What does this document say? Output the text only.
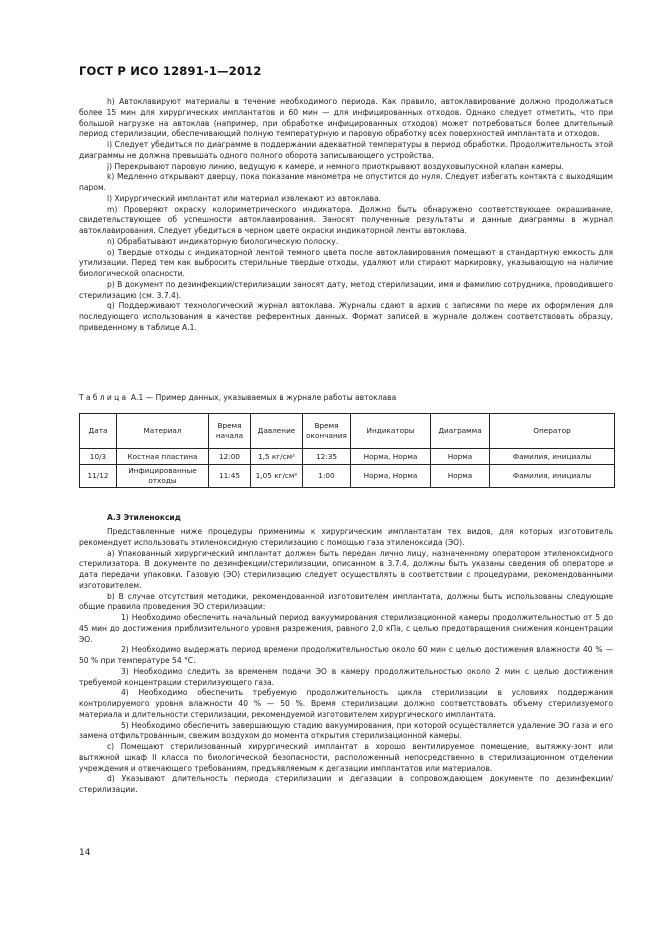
ГОСТ Р ИСО 12891-1—2012

h) Автоклавируют материалы в течение необходимого периода. Как правило, автоклавирование должно продолжаться более 15 мин для хирургических имплантатов и 60 мин — для инфицированных отходов. Однако следует отметить, что при большой нагрузке на автоклав (например, при обработке инфицированных отходов) может потребоваться более длительный период стерилизации, обеспечивающий полную температурную и паровую обработку всех поверхностей имплантата и отходов.

i) Следует убедиться по диаграмме в поддержании адекватной температуры в период обработки. Продолжительность этой диаграммы не должна превышать одного полного оборота записывающего устройства.

j) Перекрывают паровую линию, ведущую к камере, и немного приоткрывают воздуховыпускной клапан камеры.

k) Медленно открывают дверцу, пока показание манометра не опустится до нуля. Следует избегать контакта с выходящим паром.

l) Хирургический имплантат или материал извлекают из автоклава.

m) Проверяют окраску колориметрического индикатора. Должно быть обнаружено соответствующее окрашивание, свидетельствующее об успешности автоклавирования. Заносят полученные результаты и данные диаграммы в журнал автоклавирования. Следует убедиться в черном цвете окраски индикаторной ленты автоклава.

n) Обрабатывают индикаторную биологическую полоску.

o) Твердые отходы с индикаторной лентой темного цвета после автоклавирования помещают в стандартную емкость для утилизации. Перед тем как выбросить стерильные твердые отходы, удаляют или стирают маркировку, указывающую на наличие биологической опасности.

p) В документ по дезинфекции/стерилизации заносят дату, метод стерилизации, имя и фамилию сотрудника, проводившего стерилизацию (см. 3.7.4).

q) Поддерживают технологический журнал автоклава. Журналы сдают в архив с записями по мере их оформления для последующего использования в качестве референтных данных. Формат записей в журнале должен соответствовать образцу, приведенному в таблице А.1.

Таблица А.1 — Пример данных, указываемых в журнале работы автоклава
Дата	Материал	Время начала	Давление	Время окончания	Индикаторы	Диаграмма	Оператор
10/3	Костная пластина	12:00	1,5 кг/см²	12:35	Норма, Норма	Норма	Фамилия, инициалы
11/12	Инфицированные отходы	11:45	1,05 кг/см²	1:00	Норма, Норма	Норма	Фамилия, инициалы
А.3 Этиленоксид

Представленные ниже процедуры применимы к хирургическим имплантатам тех видов, для которых изготовитель рекомендует использовать этиленоксидную стерилизацию с помощью газа этиленоксида (ЭО).

a) Упакованный хирургический имплантат должен быть передан лично лицу, назначенному оператором этиленоксидного стерилизатора. В документе по дезинфекции/стерилизации, описанном в 3.7.4, должны быть указаны сведения об операторе и дата передачи упаковки. Газовую (ЭО) стерилизацию следует осуществлять в соответствии с процедурами, рекомендованными изготовителем.

b) В случае отсутствия методики, рекомендованной изготовителем имплантата, должны быть использованы следующие общие правила проведения ЭО стерилизации:

1) Необходимо обеспечить начальный период вакуумирования стерилизационной камеры продолжительностью от 5 до 45 мин до достижения приблизительного уровня разрежения, равного 2,0 кПа, с целью предотвращения снижения концентрации ЭО.

2) Необходимо выдержать период времени продолжительностью около 60 мин с целью достижения влажности 40 % — 50 % при температуре 54 °С.

3) Необходимо следить за временем подачи ЭО в камеру продолжительностью около 2 мин с целью достижения требуемой концентрации стерилизующего газа.

4) Необходимо обеспечить требуемую продолжительность цикла стерилизации в условиях поддержания контролируемого уровня влажности 40 % — 50 %. Время стерилизации должно соответствовать объему стерилизуемого материала и длительности стерилизации, рекомендуемой изготовителем хирургического имплантата.

5) Необходимо обеспечить завершающую стадию вакуумирования, при которой осуществляется удаление ЭО газа и его замена отфильтрованным, свежим воздухом до момента открытия стерилизационной камеры.

c) Помещают стерилизованный хирургический имплантат в хорошо вентилируемое помещение, вытяжку-зонт или вытяжной шкаф II класса по биологической безопасности, расположенный непосредственно в стерилизационном отделении учреждения и отвечающего требованиям, предъявляемым к дегазации имплантатов или материалов.

d) Указывают длительность периода стерилизации и дегазации в сопровождающем документе по дезинфекции/стерилизации.

14
